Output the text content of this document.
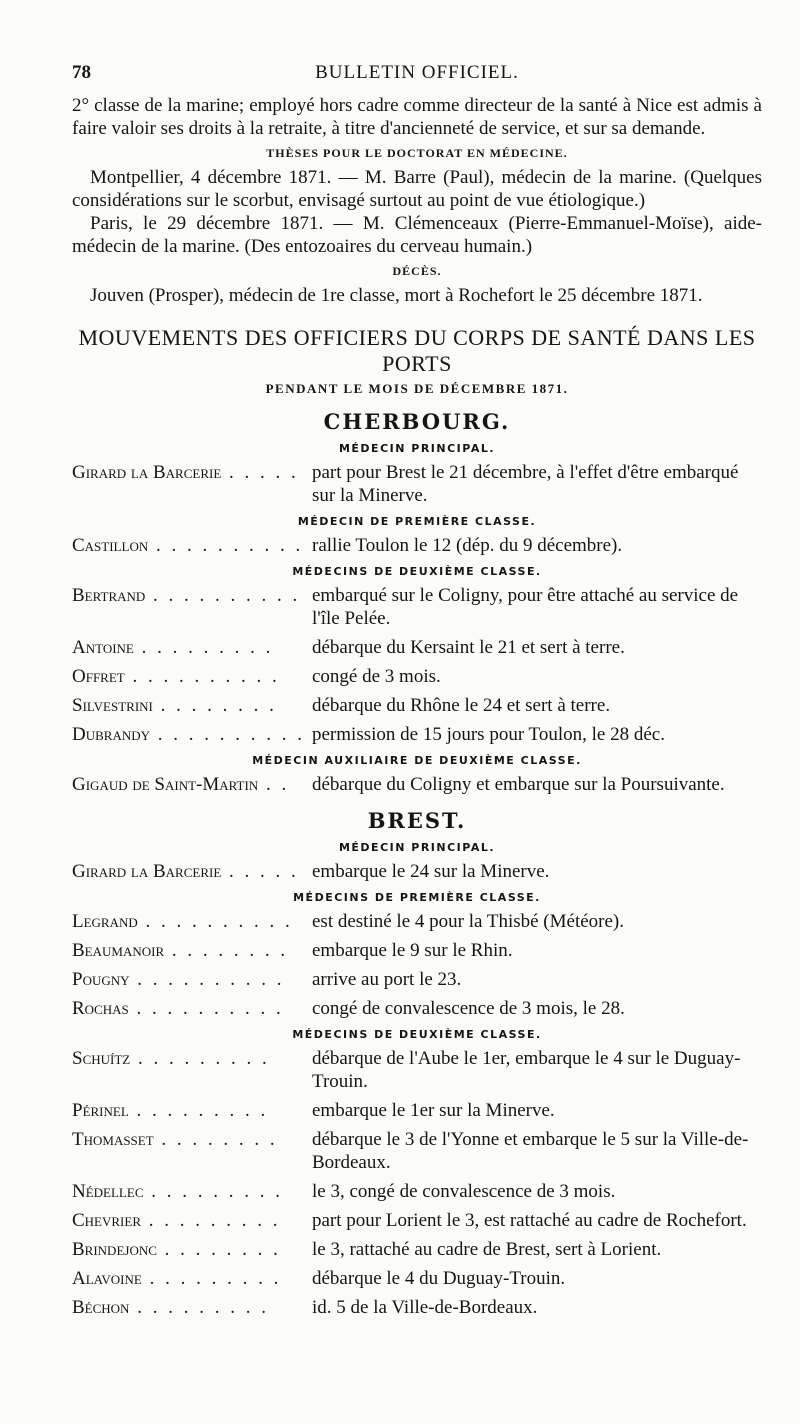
78	BULLETIN OFFICIEL.

2° classe de la marine; employé hors cadre comme directeur de la santé à Nice est admis à faire valoir ses droits à la retraite, à titre d'ancienneté de service, et sur sa demande.

THÈSES POUR LE DOCTORAT EN MÉDECINE.

Montpellier, 4 décembre 1871. — M. Barre (Paul), médecin de la marine. (Quelques considérations sur le scorbut, envisagé surtout au point de vue étiologique.)

Paris, le 29 décembre 1871. — M. Clémenceaux (Pierre-Emmanuel-Moïse), aide-médecin de la marine. (Des entozoaires du cerveau humain.)

DÉCÈS.

Jouven (Prosper), médecin de 1re classe, mort à Rochefort le 25 décembre 1871.

MOUVEMENTS DES OFFICIERS DU CORPS DE SANTÉ DANS LES PORTS
PENDANT LE MOIS DE DÉCEMBRE 1871.
CHERBOURG.
MÉDECIN PRINCIPAL.
Girard la Barcerie . . . . . part pour Brest le 21 décembre, à l'effet d'être embarqué sur la Minerve.
MÉDECIN DE PREMIÈRE CLASSE.
Castillon . . . . . . . . . . rallie Toulon le 12 (dép. du 9 décembre).
MÉDECINS DE DEUXIÈME CLASSE.
Bertrand . . . . . . . . . . embarqué sur le Coligny, pour être attaché au service de l'île Pelée.
Antoine . . . . . . . . .	débarque du Kersaint le 21 et sert à terre.
Offret . . . . . . . . . .	congé de 3 mois.
Silvestrini . . . . . . . .	débarque du Rhône le 24 et sert à terre.
Dubrandy . . . . . . . . . . permission de 15 jours pour Toulon, le 28 déc.
MÉDECIN AUXILIAIRE DE DEUXIÈME CLASSE.
Gigaud de Saint-Martin . .	débarque du Coligny et embarque sur la Poursuivante.
BREST.
MÉDECIN PRINCIPAL.
Girard la Barcerie . . . . . embarque le 24 sur la Minerve.
MÉDECINS DE PREMIÈRE CLASSE.
Legrand . . . . . . . . . .	est destiné le 4 pour la Thisbé (Météore).
Beaumanoir . . . . . . . .	embarque le 9 sur le Rhin.
Pougny . . . . . . . . . .	arrive au port le 23.
Rochas . . . . . . . . . .	congé de convalescence de 3 mois, le 28.
MÉDECINS DE DEUXIÈME CLASSE.
Schuítz . . . . . . . . .	débarque de l'Aube le 1er, embarque le 4 sur le Duguay-Trouin.
Périnel . . . . . . . . .	embarque le 1er sur la Minerve.
Thomasset . . . . . . . .	débarque le 3 de l'Yonne et embarque le 5 sur la Ville-de-Bordeaux.
Nédellec . . . . . . . . .	le 3, congé de convalescence de 3 mois.
Chevrier . . . . . . . . .	part pour Lorient le 3, est rattaché au cadre de Rochefort.
Brindejonc . . . . . . . .	le 3, rattaché au cadre de Brest, sert à Lorient.
Alavoine . . . . . . . . .	débarque le 4 du Duguay-Trouin.
Béchon . . . . . . . . .	id. 5 de la Ville-de-Bordeaux.
